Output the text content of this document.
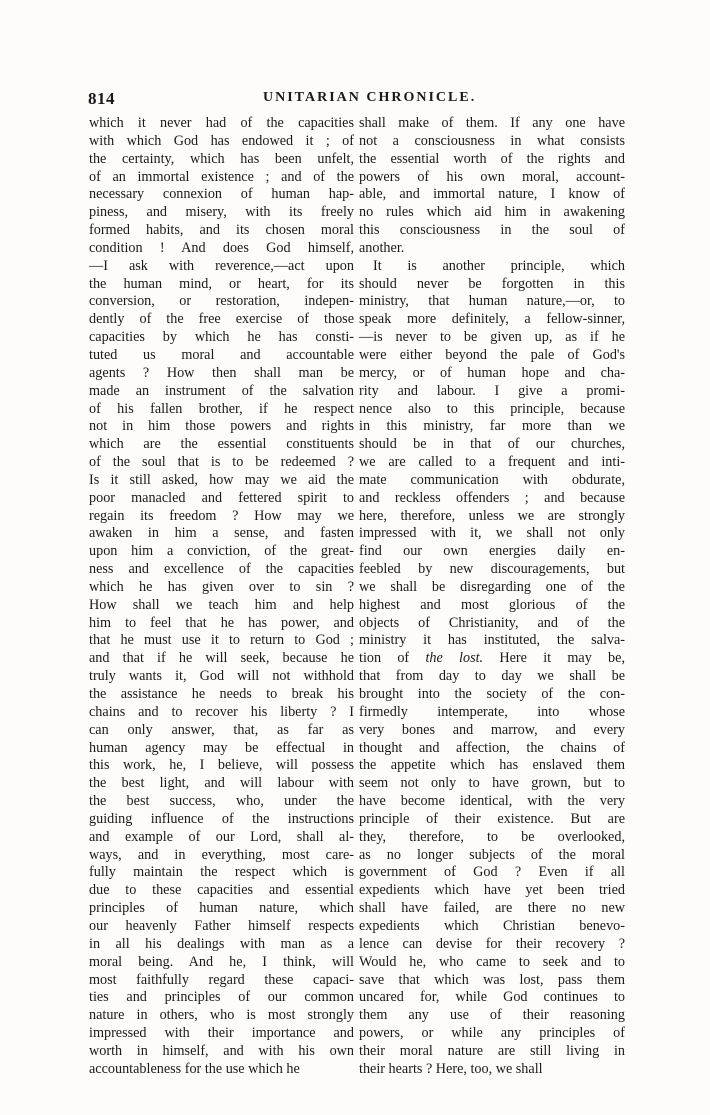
814	UNITARIAN CHRONICLE.
which it never had of the capacities
with which God has endowed it ; of
the certainty, which has been unfelt,
of an immortal existence ; and of the
necessary connexion of human hap-
piness, and misery, with its freely
formed habits, and its chosen moral
condition ! And does God himself,
—I ask with reverence,—act upon
the human mind, or heart, for its
conversion, or restoration, indepen-
dently of the free exercise of those
capacities by which he has consti-
tuted us moral and accountable
agents ? How then shall man be
made an instrument of the salvation
of his fallen brother, if he respect
not in him those powers and rights
which are the essential constituents
of the soul that is to be redeemed ?
Is it still asked, how may we aid the
poor manacled and fettered spirit to
regain its freedom ? How may we
awaken in him a sense, and fasten
upon him a conviction, of the great-
ness and excellence of the capacities
which he has given over to sin ?
How shall we teach him and help
him to feel that he has power, and
that he must use it to return to God ;
and that if he will seek, because he
truly wants it, God will not withhold
the assistance he needs to break his
chains and to recover his liberty ? I
can only answer, that, as far as
human agency may be effectual in
this work, he, I believe, will possess
the best light, and will labour with
the best success, who, under the
guiding influence of the instructions
and example of our Lord, shall al-
ways, and in everything, most care-
fully maintain the respect which is
due to these capacities and essential
principles of human nature, which
our heavenly Father himself respects
in all his dealings with man as a
moral being. And he, I think, will
most faithfully regard these capaci-
ties and principles of our common
nature in others, who is most strongly
impressed with their importance and
worth in himself, and with his own
accountableness for the use which he
shall make of them. If any one have
not a consciousness in what consists
the essential worth of the rights and
powers of his own moral, account-
able, and immortal nature, I know of
no rules which aid him in awakening
this consciousness in the soul of
another.
It is another principle, which
should never be forgotten in this
ministry, that human nature,—or, to
speak more definitely, a fellow-sinner,
—is never to be given up, as if he
were either beyond the pale of God's
mercy, or of human hope and cha-
rity and labour. I give a promi-
nence also to this principle, because
in this ministry, far more than we
should be in that of our churches,
we are called to a frequent and inti-
mate communication with obdurate,
and reckless offenders ; and because
here, therefore, unless we are strongly
impressed with it, we shall not only
find our own energies daily en-
feebled by new discouragements, but
we shall be disregarding one of the
highest and most glorious of the
objects of Christianity, and of the
ministry it has instituted, the salva-
tion of the lost. Here it may be,
that from day to day we shall be
brought into the society of the con-
firmedly intemperate, into whose
very bones and marrow, and every
thought and affection, the chains of
the appetite which has enslaved them
seem not only to have grown, but to
have become identical, with the very
principle of their existence. But are
they, therefore, to be overlooked,
as no longer subjects of the moral
government of God ? Even if all
expedients which have yet been tried
shall have failed, are there no new
expedients which Christian benevo-
lence can devise for their recovery ?
Would he, who came to seek and to
save that which was lost, pass them
uncared for, while God continues to
them any use of their reasoning
powers, or while any principles of
their moral nature are still living in
their hearts ? Here, too, we shall
